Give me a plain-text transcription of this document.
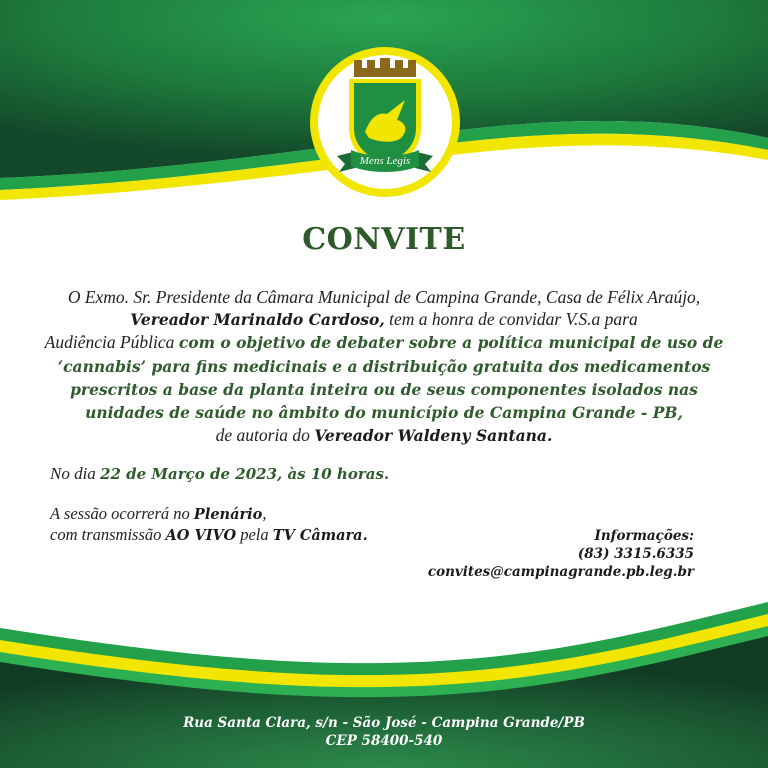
Mens Legis
CONVITE
O Exmo. Sr. Presidente da Câmara Municipal de Campina Grande, Casa de Félix Araújo,
Vereador Marinaldo Cardoso, tem a honra de convidar V.S.a para
Audiência Pública com o objetivo de debater sobre a política municipal de uso de ‘cannabis’ para fins medicinais e a distribuição gratuita dos medicamentos prescritos a base da planta inteira ou de seus componentes isolados nas unidades de saúde no âmbito do município de Campina Grande - PB,
de autoria do Vereador Waldeny Santana.
No dia 22 de Março de 2023, às 10 horas.
A sessão ocorrerá no Plenário,
com transmissão AO VIVO pela TV Câmara.	Informações:
(83) 3315.6335
convites@campinagrande.pb.leg.br
Rua Santa Clara, s/n - São José - Campina Grande/PB
CEP 58400-540
